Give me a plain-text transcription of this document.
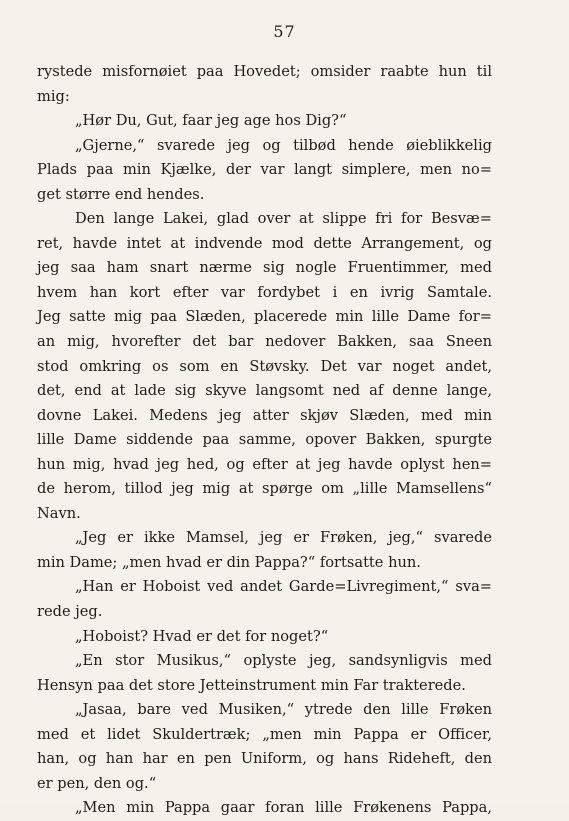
57
rystede misfornøiet paa Hovedet; omsider raabte hun til
mig:
„Hør Du, Gut, faar jeg age hos Dig?“
„Gjerne,“ svarede jeg og tilbød hende øieblikkelig
Plads paa min Kjælke, der var langt simplere, men no=
get større end hendes.
Den lange Lakei, glad over at slippe fri for Besvæ=
ret, havde intet at indvende mod dette Arrangement, og
jeg saa ham snart nærme sig nogle Fruentimmer, med
hvem han kort efter var fordybet i en ivrig Samtale.
Jeg satte mig paa Slæden, placerede min lille Dame for=
an mig, hvorefter det bar nedover Bakken, saa Sneen
stod omkring os som en Støvsky. Det var noget andet,
det, end at lade sig skyve langsomt ned af denne lange,
dovne Lakei. Medens jeg atter skjøv Slæden, med min
lille Dame siddende paa samme, opover Bakken, spurgte
hun mig, hvad jeg hed, og efter at jeg havde oplyst hen=
de herom, tillod jeg mig at spørge om „lille Mamsellens“
Navn.
„Jeg er ikke Mamsel, jeg er Frøken, jeg,“ svarede
min Dame; „men hvad er din Pappa?“ fortsatte hun.
„Han er Hoboist ved andet Garde=Livregiment,“ sva=
rede jeg.
„Hoboist? Hvad er det for noget?“
„En stor Musikus,“ oplyste jeg, sandsynligvis med
Hensyn paa det store Jetteinstrument min Far trakterede.
„Jasaa, bare ved Musiken,“ ytrede den lille Frøken
med et lidet Skuldertræk; „men min Pappa er Officer,
han, og han har en pen Uniform, og hans Rideheft, den
er pen, den og.“
„Men min Pappa gaar foran lille Frøkenens Pappa,
